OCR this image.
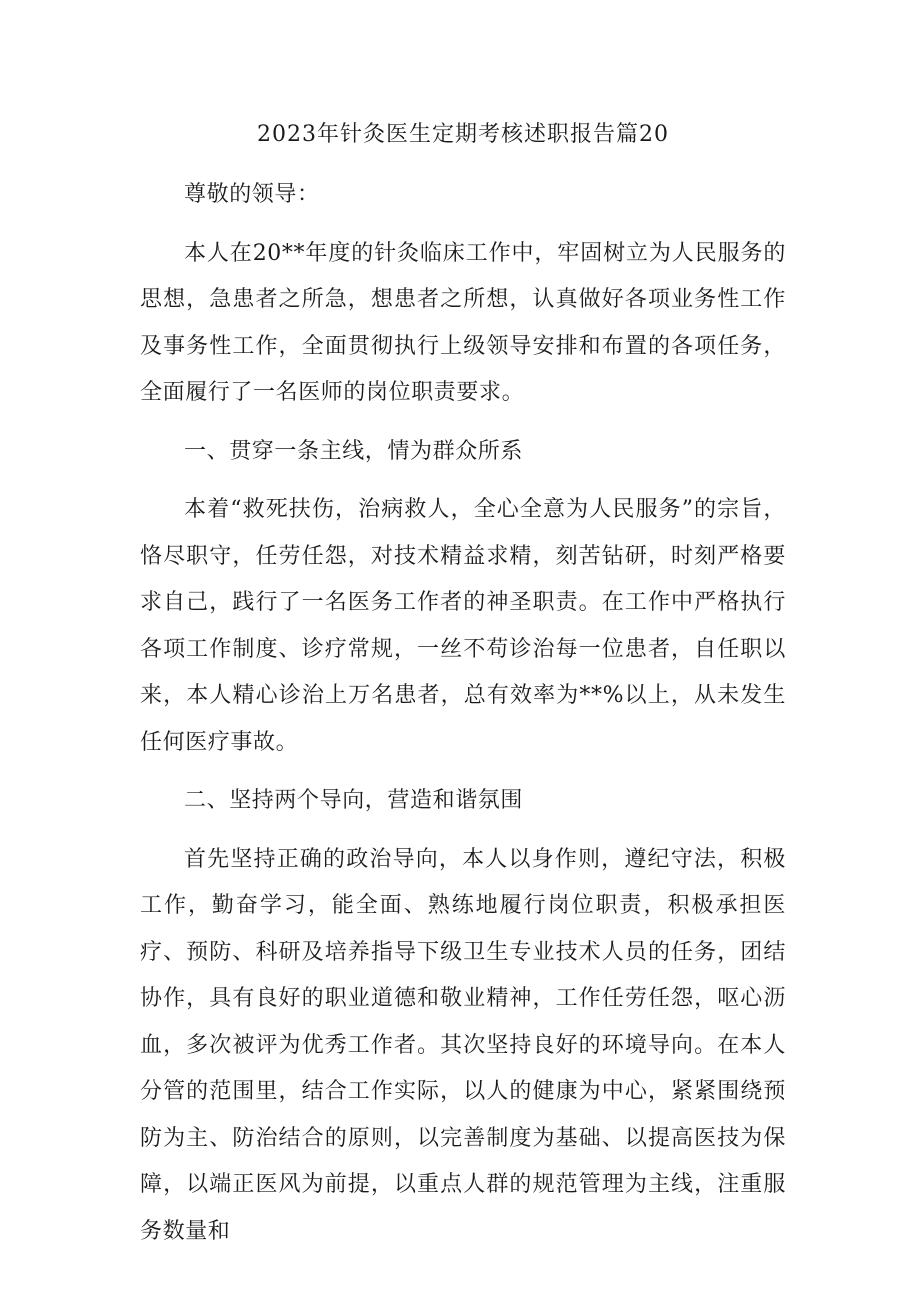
2023年针灸医生定期考核述职报告篇20

尊敬的领导：

本人在20**年度的针灸临床工作中，牢固树立为人民服务的思想，急患者之所急，想患者之所想，认真做好各项业务性工作及事务性工作，全面贯彻执行上级领导安排和布置的各项任务，全面履行了一名医师的岗位职责要求。

一、贯穿一条主线，情为群众所系

本着“救死扶伤，治病救人，全心全意为人民服务”的宗旨，恪尽职守，任劳任怨，对技术精益求精，刻苦钻研，时刻严格要求自己，践行了一名医务工作者的神圣职责。在工作中严格执行各项工作制度、诊疗常规，一丝不苟诊治每一位患者，自任职以来，本人精心诊治上万名患者，总有效率为**%以上，从未发生任何医疗事故。

二、坚持两个导向，营造和谐氛围

首先坚持正确的政治导向，本人以身作则，遵纪守法，积极工作，勤奋学习，能全面、熟练地履行岗位职责，积极承担医疗、预防、科研及培养指导下级卫生专业技术人员的任务，团结协作，具有良好的职业道德和敬业精神，工作任劳任怨，呕心沥血，多次被评为优秀工作者。其次坚持良好的环境导向。在本人分管的范围里，结合工作实际，以人的健康为中心，紧紧围绕预防为主、防治结合的原则，以完善制度为基础、以提高医技为保障，以端正医风为前提，以重点人群的规范管理为主线，注重服务数量和
